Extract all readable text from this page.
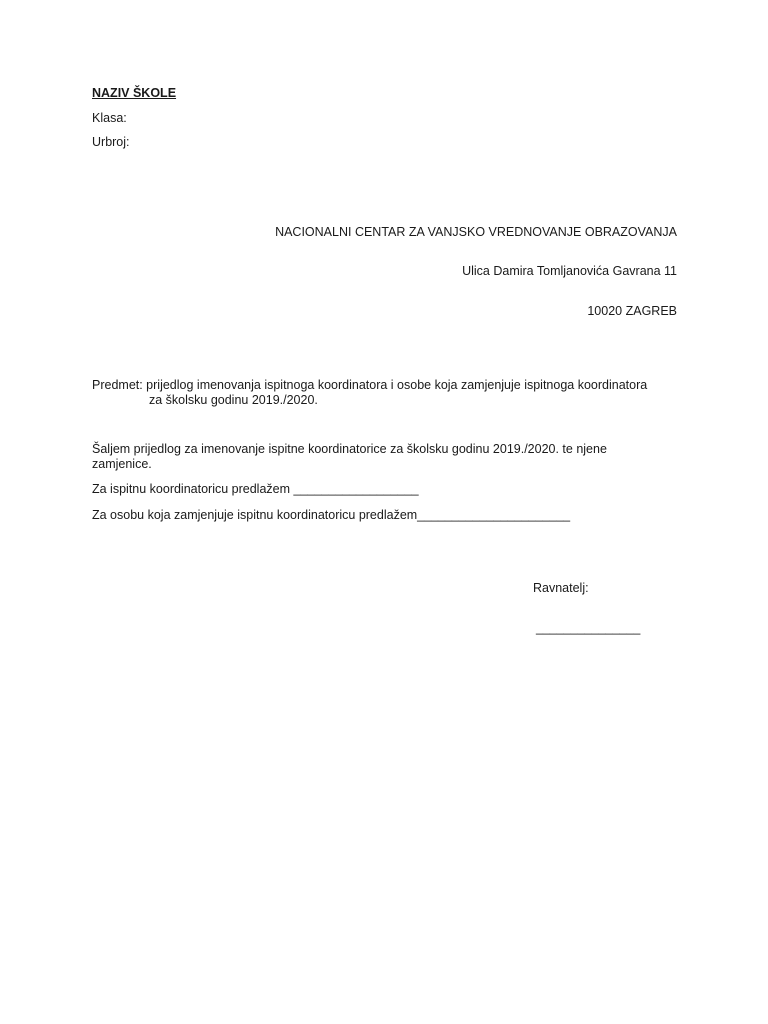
NAZIV ŠKOLE
Klasa:
Urbroj:
NACIONALNI CENTAR ZA VANJSKO VREDNOVANJE OBRAZOVANJA
Ulica Damira Tomljanovića Gavrana 11
10020 ZAGREB
Predmet: prijedlog imenovanja ispitnoga koordinatora i osobe koja zamjenjuje ispitnoga koordinatora
za školsku godinu 2019./2020.
Šaljem prijedlog za imenovanje ispitne koordinatorice za školsku godinu 2019./2020. te njene
zamjenice.
Za ispitnu koordinatoricu predlažem __________________
Za osobu koja zamjenjuje ispitnu koordinatoricu predlažem______________________
Ravnatelj:
_______________
